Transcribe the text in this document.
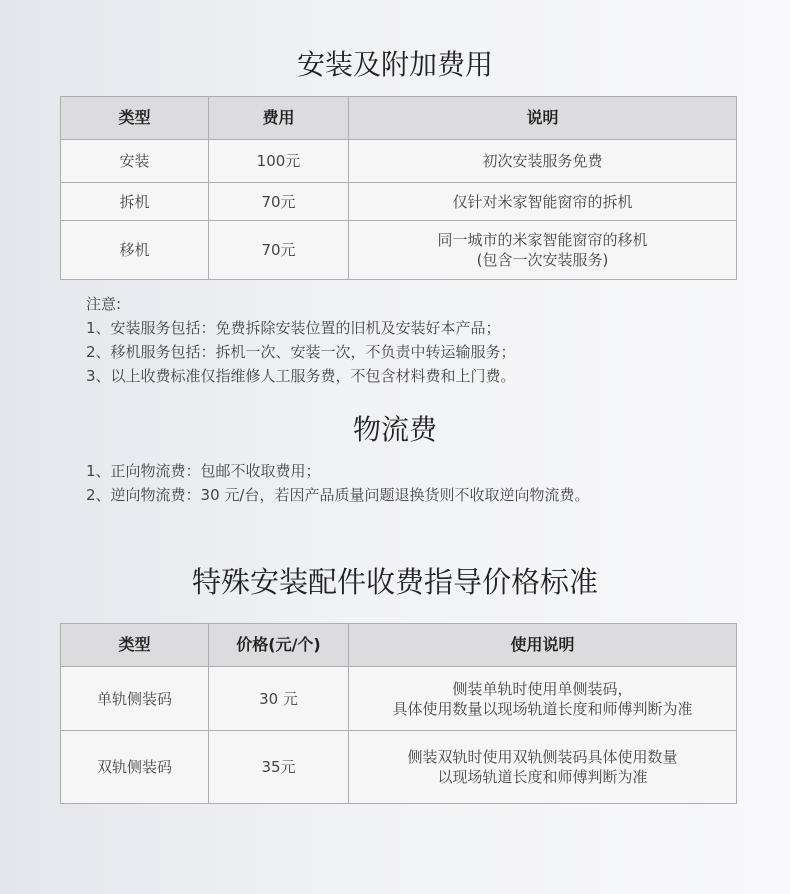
安装及附加费用
类型	费用	说明
安装	100元	初次安装服务免费

拆机	70元	仅针对米家智能窗帘的拆机

移机	70元	同一城市的米家智能窗帘的移机
(包含一次安装服务)
注意:
1、安装服务包括：免费拆除安装位置的旧机及安装好本产品；
2、移机服务包括：拆机一次、安装一次，不负责中转运输服务；
3、以上收费标准仅指维修人工服务费，不包含材料费和上门费。
物流费
1、正向物流费：包邮不收取费用；
2、逆向物流费：30 元/台，若因产品质量问题退换货则不收取逆向物流费。
特殊安装配件收费指导价格标准
类型	价格(元/个)	使用说明
单轨侧装码	30 元	侧装单轨时使用单侧装码，
具体使用数量以现场轨道长度和师傅判断为准

双轨侧装码	35元	侧装双轨时使用双轨侧装码具体使用数量
以现场轨道长度和师傅判断为准
